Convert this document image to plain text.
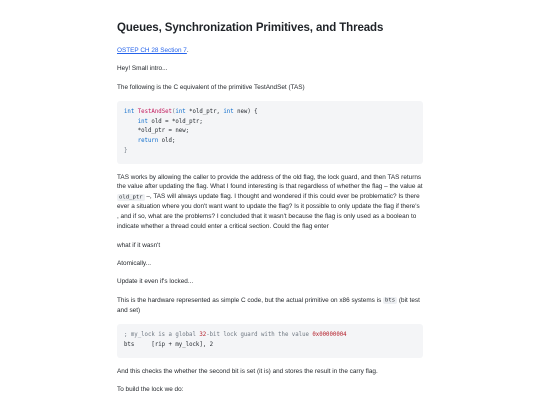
Queues, Synchronization Primitives, and Threads

OSTEP CH 28 Section 7.

Hey! Small intro...

The following is the C equivalent of the primitive TestAndSet (TAS)

int TestAndSet(int *old_ptr, int new) {
int old = *old_ptr;
*old_ptr = new;
return old;
}

TAS works by allowing the caller to provide the address of the old flag, the lock guard, and then TAS returns the value after updating the flag. What I found interesting is that regardless of whether the flag – the value at old_ptr –, TAS will always update flag. I thought and wondered if this could ever be problematic? Is there ever a situation where you don't want want to update the flag? Is it possible to only update the flag if there's , and if so, what are the problems? I concluded that it wasn't because the flag is only used as a boolean to indicate whether a thread could enter a critical section. Could the flag enter

what if it wasn't

Atomically...

Update it even if's locked...

This is the hardware represented as simple C code, but the actual primitive on x86 systems is bts (bit test and set)

; my_lock is a global 32-bit lock guard with the value 0x00000004
bts     [rip + my_lock], 2

And this checks the whether the second bit is set (it is) and stores the result in the carry flag.

To build the lock we do:
